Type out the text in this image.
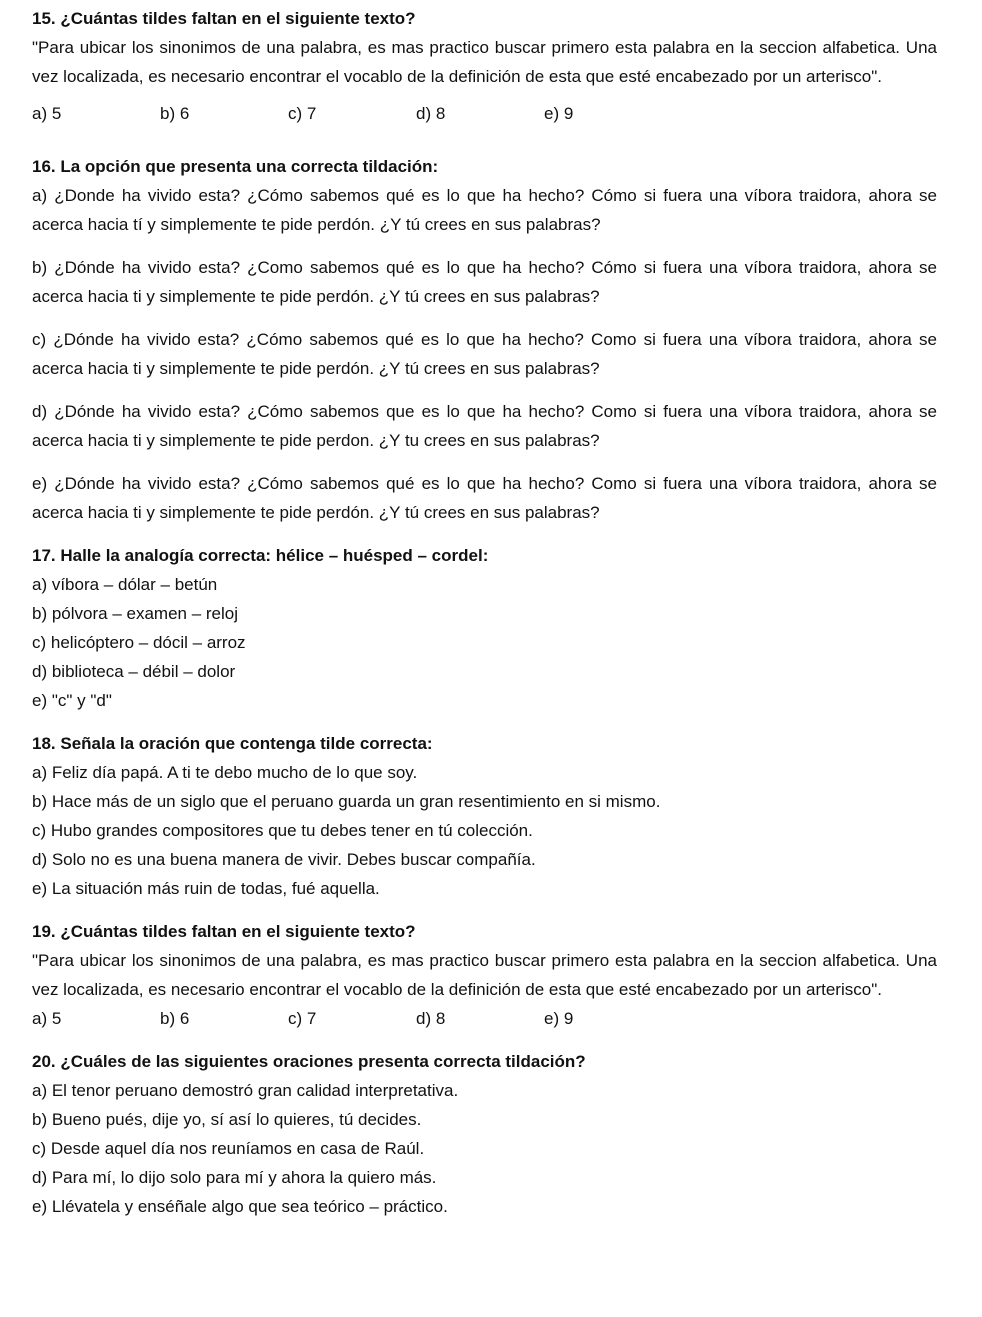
15. ¿Cuántas tildes faltan en el siguiente texto?

"Para ubicar los sinonimos de una palabra, es mas practico buscar primero esta palabra en la seccion alfabetica. Una vez localizada, es necesario encontrar el vocablo de la definición de esta que esté encabezado por un arterisco".

a) 5	b) 6	c) 7	d) 8	e) 9

16. La opción que presenta una correcta tildación:

a) ¿Donde ha vivido esta? ¿Cómo sabemos qué es lo que ha hecho? Cómo si fuera una víbora traidora, ahora se acerca hacia tí y simplemente te pide perdón. ¿Y tú crees en sus palabras?

b) ¿Dónde ha vivido esta? ¿Como sabemos qué es lo que ha hecho? Cómo si fuera una víbora traidora, ahora se acerca hacia ti y simplemente te pide perdón. ¿Y tú crees en sus palabras?

c) ¿Dónde ha vivido esta? ¿Cómo sabemos qué es lo que ha hecho? Como si fuera una víbora traidora, ahora se acerca hacia ti y simplemente te pide perdón. ¿Y tú crees en sus palabras?

d) ¿Dónde ha vivido esta? ¿Cómo sabemos que es lo que ha hecho? Como si fuera una víbora traidora, ahora se acerca hacia ti y simplemente te pide perdon. ¿Y tu crees en sus palabras?

e) ¿Dónde ha vivido esta? ¿Cómo sabemos qué es lo que ha hecho? Como si fuera una víbora traidora, ahora se acerca hacia ti y simplemente te pide perdón. ¿Y tú crees en sus palabras?

17. Halle la analogía correcta: hélice – huésped – cordel:

a) víbora – dólar – betún

b) pólvora – examen – reloj

c) helicóptero – dócil – arroz

d) biblioteca – débil – dolor

e) "c" y "d"

18. Señala la oración que contenga tilde correcta:

a) Feliz día papá. A ti te debo mucho de lo que soy.

b) Hace más de un siglo que el peruano guarda un gran resentimiento en si mismo.

c) Hubo grandes compositores que tu debes tener en tú colección.

d) Solo no es una buena manera de vivir. Debes buscar compañía.

e) La situación más ruin de todas, fué aquella.

19. ¿Cuántas tildes faltan en el siguiente texto?

"Para ubicar los sinonimos de una palabra, es mas practico buscar primero esta palabra en la seccion alfabetica. Una vez localizada, es necesario encontrar el vocablo de la definición de esta que esté encabezado por un arterisco".

a) 5	b) 6	c) 7	d) 8	e) 9

20. ¿Cuáles de las siguientes oraciones presenta correcta tildación?

a) El tenor peruano demostró gran calidad interpretativa.

b) Bueno pués, dije yo, sí así lo quieres, tú decides.

c) Desde aquel día nos reuníamos en casa de Raúl.

d) Para mí, lo dijo solo para mí y ahora la quiero más.

e) Llévatela y enséñale algo que sea teórico – práctico.
